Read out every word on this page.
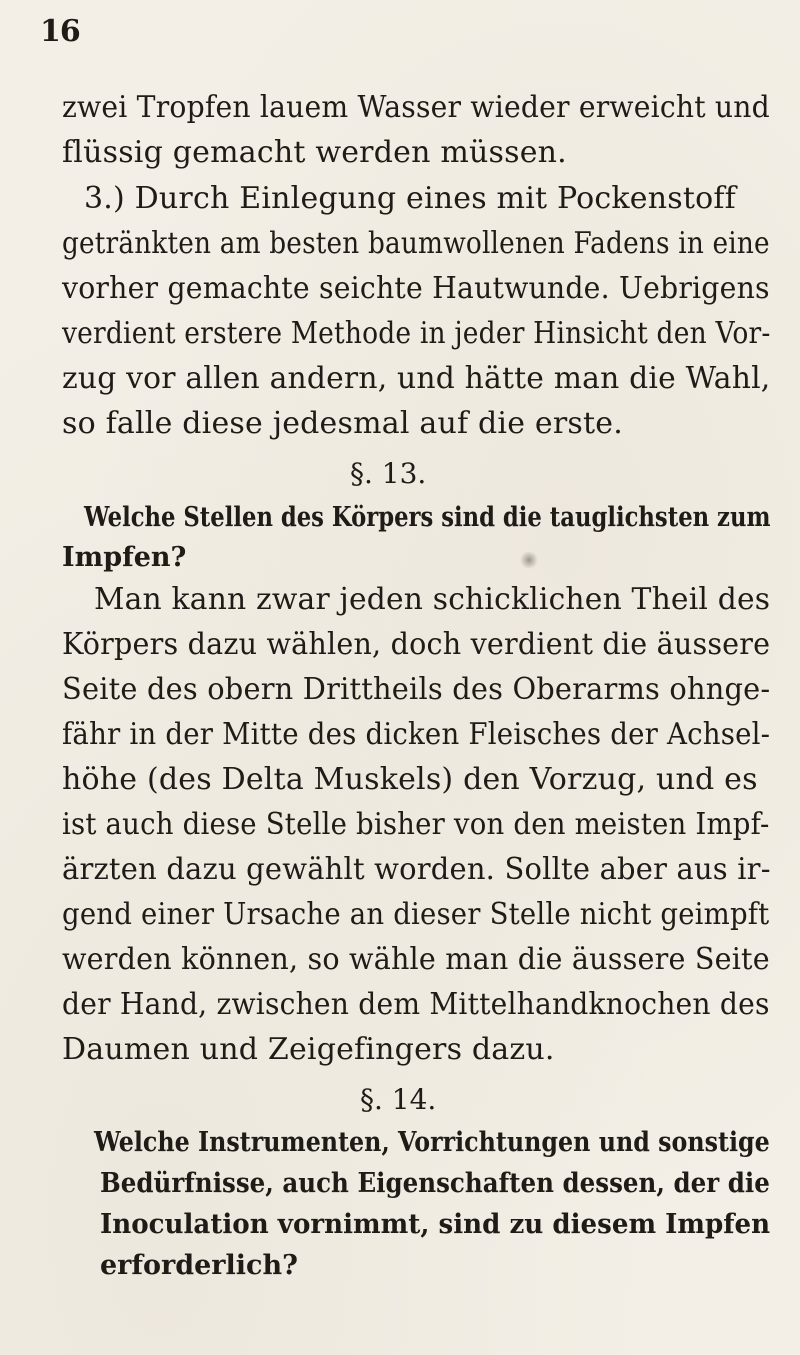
16
zwei Tropfen lauem Wasser wieder erweicht und
flüssig gemacht werden müssen.
3.) Durch Einlegung eines mit Pockenstoff
getränkten am besten baumwollenen Fadens in eine
vorher gemachte seichte Hautwunde. Uebrigens
verdient erstere Methode in jeder Hinsicht den Vor-
zug vor allen andern, und hätte man die Wahl,
so falle diese jedesmal auf die erste.
§. 13.
Welche Stellen des Körpers sind die tauglichsten zum
Impfen?
Man kann zwar jeden schicklichen Theil des
Körpers dazu wählen, doch verdient die äussere
Seite des obern Drittheils des Oberarms ohnge-
fähr in der Mitte des dicken Fleisches der Achsel-
höhe (des Delta Muskels) den Vorzug, und es
ist auch diese Stelle bisher von den meisten Impf-
ärzten dazu gewählt worden. Sollte aber aus ir-
gend einer Ursache an dieser Stelle nicht geimpft
werden können, so wähle man die äussere Seite
der Hand, zwischen dem Mittelhandknochen des
Daumen und Zeigefingers dazu.
§. 14.
Welche Instrumenten, Vorrichtungen und sonstige
Bedürfnisse, auch Eigenschaften dessen, der die
Inoculation vornimmt, sind zu diesem Impfen
erforderlich?
